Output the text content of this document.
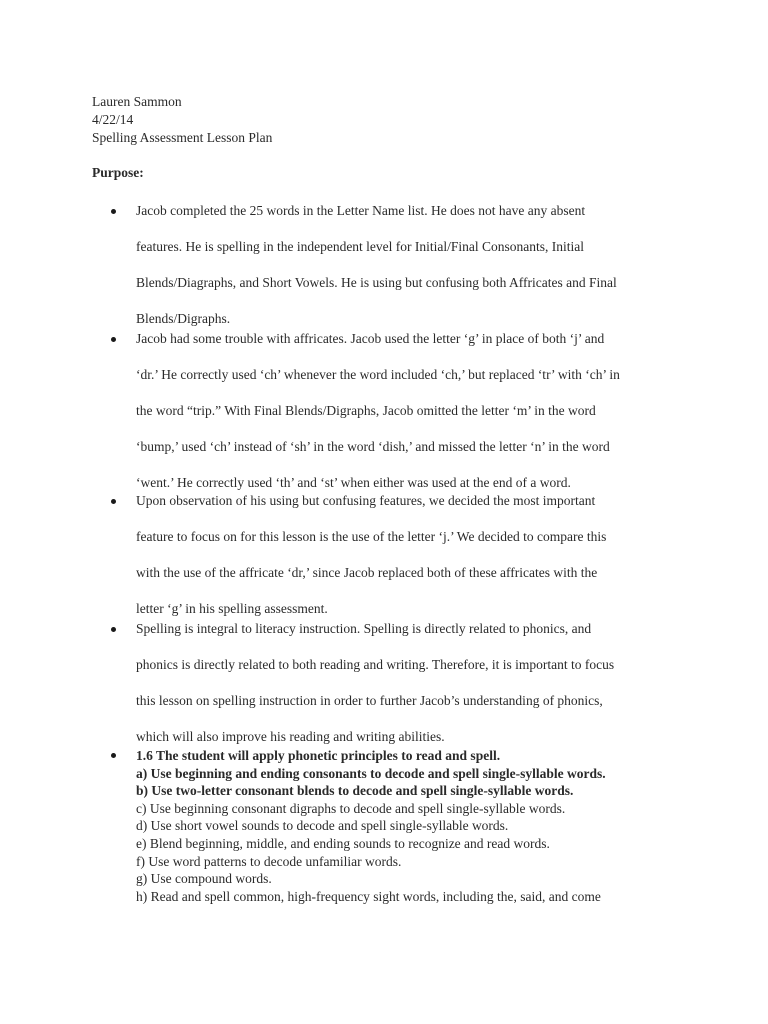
Lauren Sammon
4/22/14
Spelling Assessment Lesson Plan
Purpose:
Jacob completed the 25 words in the Letter Name list. He does not have any absent
features. He is spelling in the independent level for Initial/Final Consonants, Initial
Blends/Diagraphs, and Short Vowels. He is using but confusing both Affricates and Final
Blends/Digraphs.
Jacob had some trouble with affricates. Jacob used the letter ‘g’ in place of both ‘j’ and
‘dr.’ He correctly used ‘ch’ whenever the word included ‘ch,’ but replaced ‘tr’ with ‘ch’ in
the word “trip.” With Final Blends/Digraphs, Jacob omitted the letter ‘m’ in the word
‘bump,’ used ‘ch’ instead of ‘sh’ in the word ‘dish,’ and missed the letter ‘n’ in the word
‘went.’ He correctly used ‘th’ and ‘st’ when either was used at the end of a word.
Upon observation of his using but confusing features, we decided the most important
feature to focus on for this lesson is the use of the letter ‘j.’ We decided to compare this
with the use of the affricate ‘dr,’ since Jacob replaced both of these affricates with the
letter ‘g’ in his spelling assessment.
Spelling is integral to literacy instruction. Spelling is directly related to phonics, and
phonics is directly related to both reading and writing. Therefore, it is important to focus
this lesson on spelling instruction in order to further Jacob’s understanding of phonics,
which will also improve his reading and writing abilities.
1.6 The student will apply phonetic principles to read and spell.
a) Use beginning and ending consonants to decode and spell single-syllable words.
b) Use two-letter consonant blends to decode and spell single-syllable words.
c) Use beginning consonant digraphs to decode and spell single-syllable words.
d) Use short vowel sounds to decode and spell single-syllable words.
e) Blend beginning, middle, and ending sounds to recognize and read words.
f) Use word patterns to decode unfamiliar words.
g) Use compound words.
h) Read and spell common, high-frequency sight words, including the, said, and come
